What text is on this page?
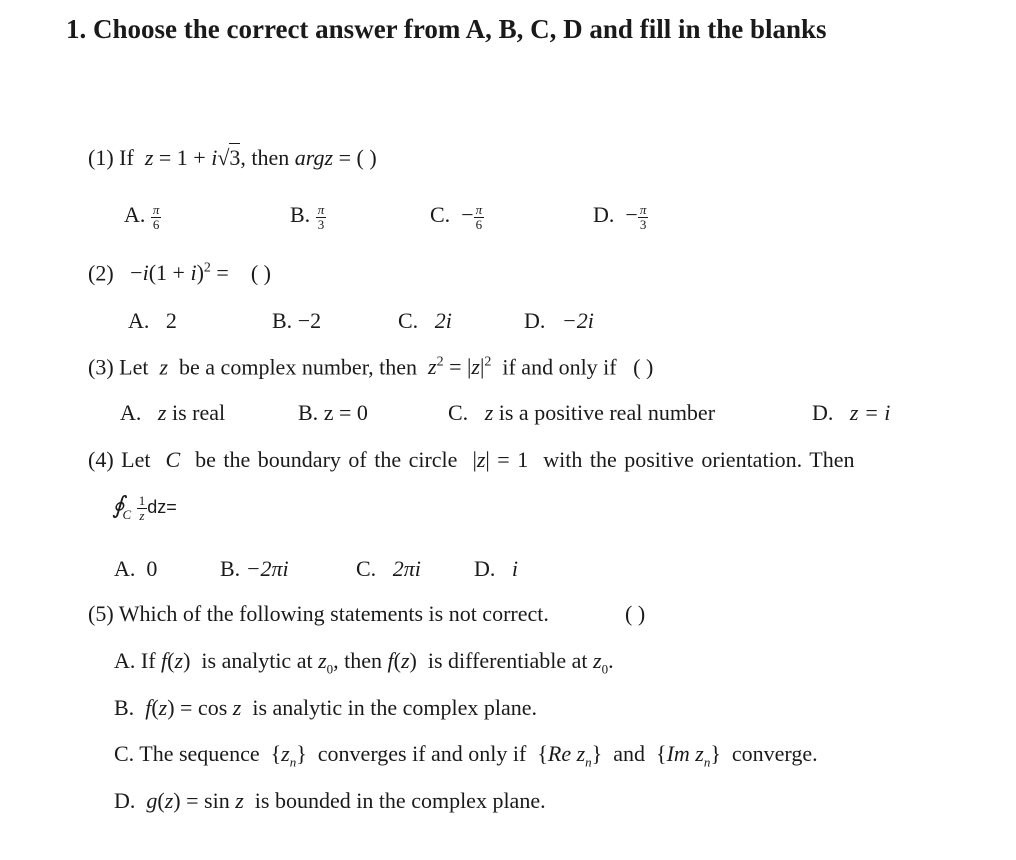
1. Choose the correct answer from A, B, C, D and fill in the blanks
(1) If z = 1 + i√3, then argz = ( )
A. $\frac{\pi}{6}$	B. $\frac{\pi}{3}$	C. − $\frac{\pi}{6}$	D. − $\frac{\pi}{3}$
$(2) -i(1 + i)^2$ = ( )
A. 2	B. −2	C. 2i	D. −2i
(3) Let z be a complex number, then $z^2 = |z|^2$ if and only if ( )
A. z is real	B. z = 0	C. z is a positive real number	D. z = i
(4) Let C be the boundary of the circle |z| = 1 with the positive orientation. Then
$∮_C \frac{1}{z} dz=$
A. 0	B. −2πi	C. 2πi D. i
(5) Which of the following statements is not correct.	( )
A. If f(z)  is analytic at $z_0$, then f(z)  is differentiable at $z_0$.
B. f(z) = cos z is analytic in the complex plane.
C. The sequence $\{z_n\}$ converges if and only if {Re $z_n$} and {Im $z_n$} converge.
D. g(z) = sin z is bounded in the complex plane.
